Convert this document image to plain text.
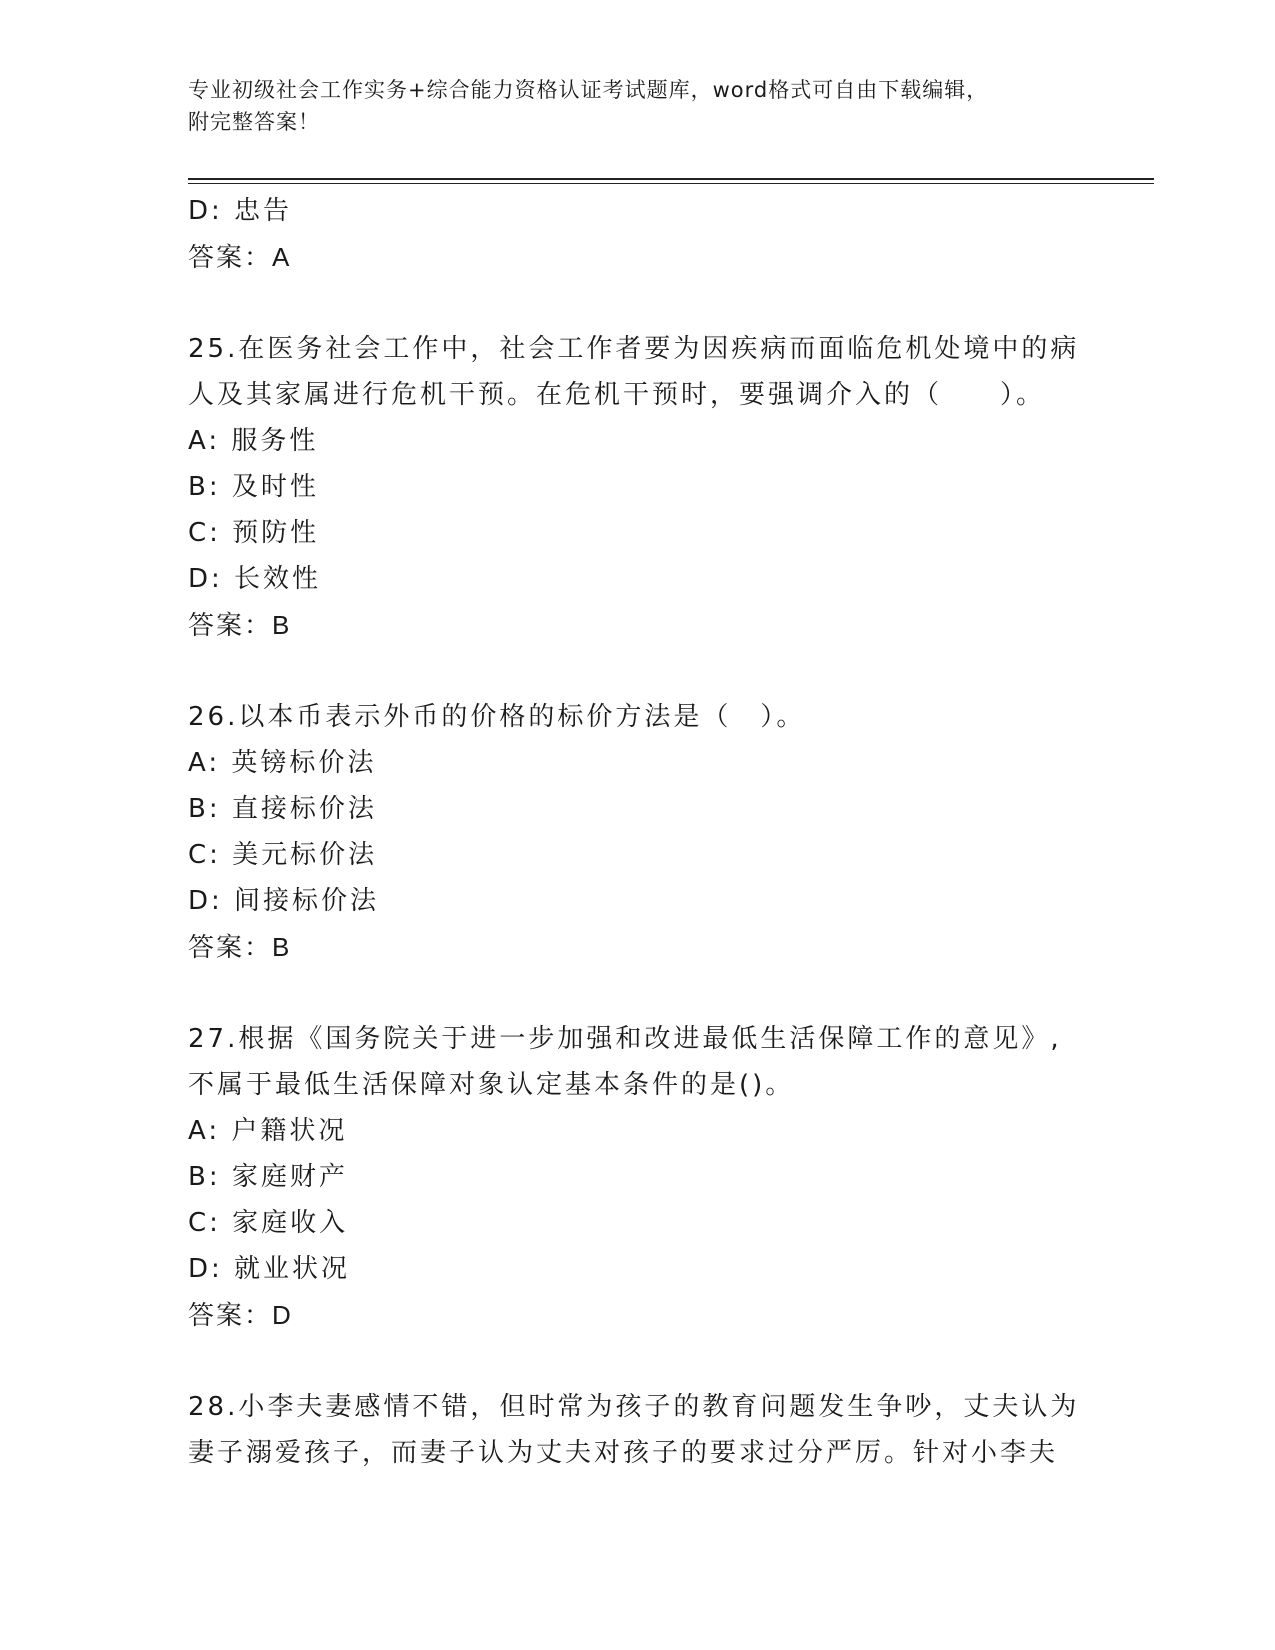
专业初级社会工作实务+综合能力资格认证考试题库，word格式可自由下载编辑，
附完整答案！
D: 忠告
答案：A
25.在医务社会工作中，社会工作者要为因疾病而面临危机处境中的病
人及其家属进行危机干预。在危机干预时，要强调介入的（　　）。
A: 服务性
B: 及时性
C: 预防性
D: 长效性
答案：B
26.以本币表示外币的价格的标价方法是（　）。
A: 英镑标价法
B: 直接标价法
C: 美元标价法
D: 间接标价法
答案：B
27.根据《国务院关于进一步加强和改进最低生活保障工作的意见》,
不属于最低生活保障对象认定基本条件的是()。
A: 户籍状况
B: 家庭财产
C: 家庭收入
D: 就业状况
答案：D
28.小李夫妻感情不错，但时常为孩子的教育问题发生争吵，丈夫认为
妻子溺爱孩子，而妻子认为丈夫对孩子的要求过分严厉。针对小李夫
